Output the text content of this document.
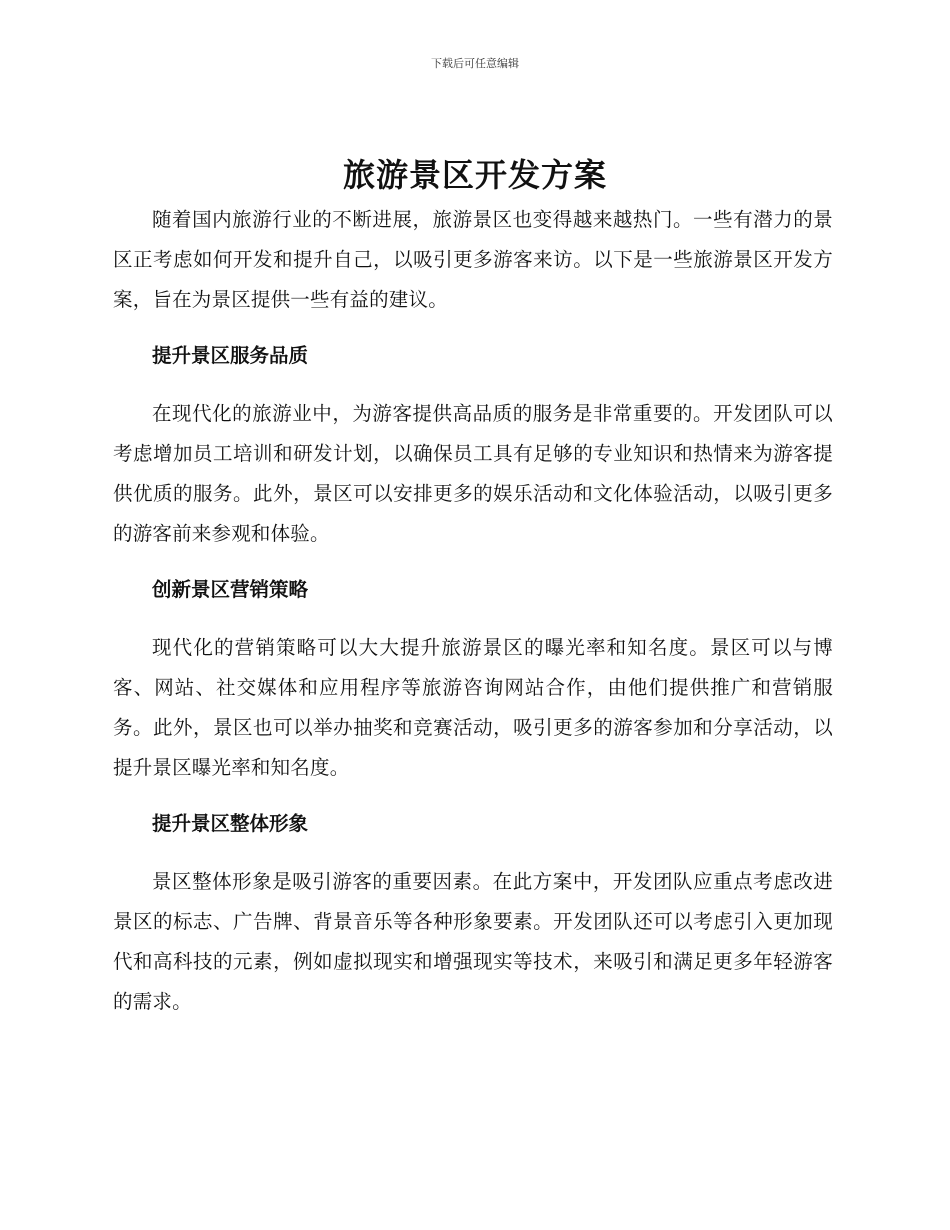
下载后可任意编辑
旅游景区开发方案

随着国内旅游行业的不断进展，旅游景区也变得越来越热门。一些有潜力的景区正考虑如何开发和提升自己，以吸引更多游客来访。以下是一些旅游景区开发方案，旨在为景区提供一些有益的建议。

提升景区服务品质

在现代化的旅游业中，为游客提供高品质的服务是非常重要的。开发团队可以考虑增加员工培训和研发计划，以确保员工具有足够的专业知识和热情来为游客提供优质的服务。此外，景区可以安排更多的娱乐活动和文化体验活动，以吸引更多的游客前来参观和体验。

创新景区营销策略

现代化的营销策略可以大大提升旅游景区的曝光率和知名度。景区可以与博客、网站、社交媒体和应用程序等旅游咨询网站合作，由他们提供推广和营销服务。此外，景区也可以举办抽奖和竞赛活动，吸引更多的游客参加和分享活动，以提升景区曝光率和知名度。

提升景区整体形象

景区整体形象是吸引游客的重要因素。在此方案中，开发团队应重点考虑改进景区的标志、广告牌、背景音乐等各种形象要素。开发团队还可以考虑引入更加现代和高科技的元素，例如虚拟现实和增强现实等技术，来吸引和满足更多年轻游客的需求。
